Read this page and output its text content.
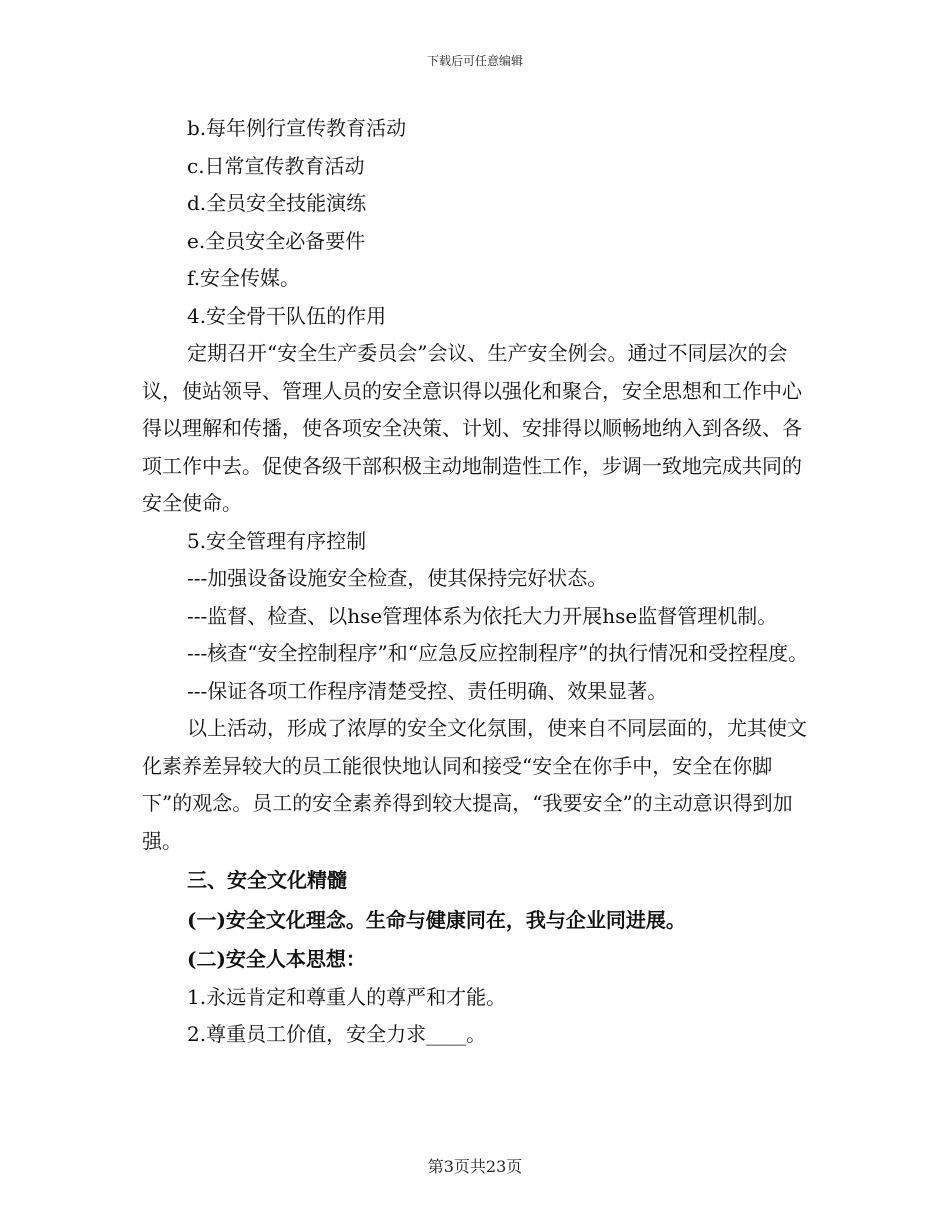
下载后可任意编辑

b.每年例行宣传教育活动

c.日常宣传教育活动

d.全员安全技能演练

e.全员安全必备要件

f.安全传媒。

4.安全骨干队伍的作用

定期召开“安全生产委员会”会议、生产安全例会。通过不同层次的会议，使站领导、管理人员的安全意识得以强化和聚合，安全思想和工作中心得以理解和传播，使各项安全决策、计划、安排得以顺畅地纳入到各级、各项工作中去。促使各级干部积极主动地制造性工作，步调一致地完成共同的安全使命。

5.安全管理有序控制

---加强设备设施安全检查，使其保持完好状态。

---监督、检查、以hse管理体系为依托大力开展hse监督管理机制。

---核查“安全控制程序”和“应急反应控制程序”的执行情况和受控程度。

---保证各项工作程序清楚受控、责任明确、效果显著。

以上活动，形成了浓厚的安全文化氛围，使来自不同层面的，尤其使文化素养差异较大的员工能很快地认同和接受“安全在你手中，安全在你脚下”的观念。员工的安全素养得到较大提高，“我要安全”的主动意识得到加强。

三、安全文化精髓

(一)安全文化理念。生命与健康同在，我与企业同进展。

(二)安全人本思想：

1.永远肯定和尊重人的尊严和才能。

2.尊重员工价值，安全力求____。

第3页共23页
